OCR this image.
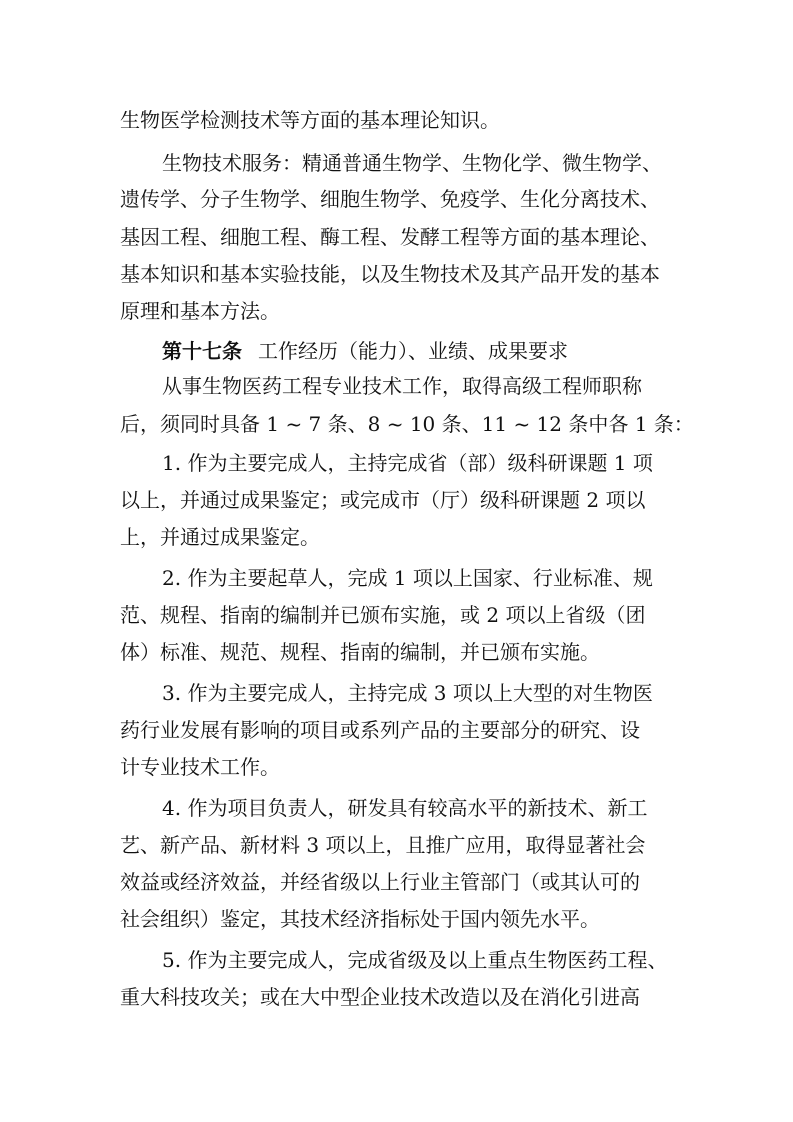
生物医学检测技术等方面的基本理论知识。
生物技术服务：精通普通生物学、生物化学、微生物学、
遗传学、分子生物学、细胞生物学、免疫学、生化分离技术、
基因工程、细胞工程、酶工程、发酵工程等方面的基本理论、
基本知识和基本实验技能，以及生物技术及其产品开发的基本
原理和基本方法。
第十七条 工作经历（能力）、业绩、成果要求
从事生物医药工程专业技术工作，取得高级工程师职称
后，须同时具备 1 ~ 7 条、8 ~ 10 条、11 ~ 12 条中各 1 条：
1. 作为主要完成人，主持完成省（部）级科研课题 1 项
以上，并通过成果鉴定；或完成市（厅）级科研课题 2 项以
上，并通过成果鉴定。
2. 作为主要起草人，完成 1 项以上国家、行业标准、规
范、规程、指南的编制并已颁布实施，或 2 项以上省级（团
体）标准、规范、规程、指南的编制，并已颁布实施。
3. 作为主要完成人，主持完成 3 项以上大型的对生物医
药行业发展有影响的项目或系列产品的主要部分的研究、设
计专业技术工作。
4. 作为项目负责人，研发具有较高水平的新技术、新工
艺、新产品、新材料 3 项以上，且推广应用，取得显著社会
效益或经济效益，并经省级以上行业主管部门（或其认可的
社会组织）鉴定，其技术经济指标处于国内领先水平。
5. 作为主要完成人，完成省级及以上重点生物医药工程、
重大科技攻关；或在大中型企业技术改造以及在消化引进高
